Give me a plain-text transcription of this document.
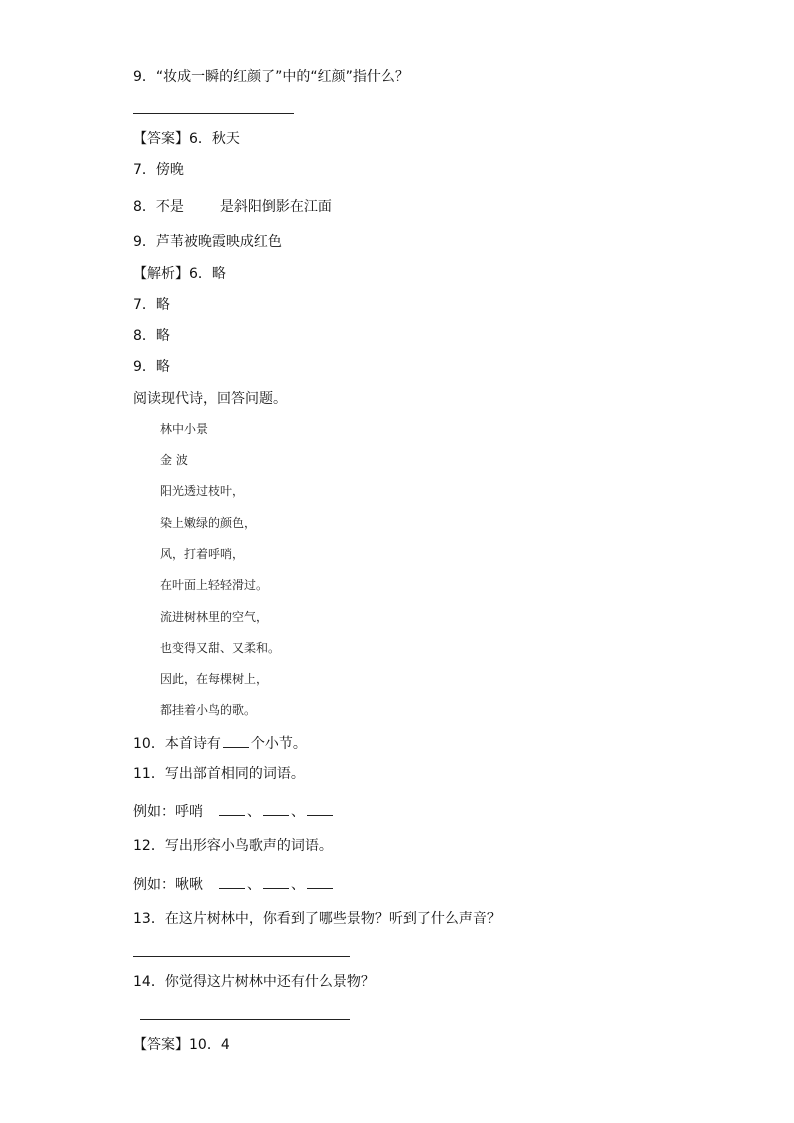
9．“妆成一瞬的红颜了”中的“红颜”指什么？
【答案】6．秋天
7．傍晚
8．不是	是斜阳倒影在江面
9．芦苇被晚霞映成红色
【解析】6．略
7．略
8．略
9．略
阅读现代诗，回答问题。
林中小景
金 波
阳光透过枝叶，
染上嫩绿的颜色，
风，打着呼哨，
在叶面上轻轻滑过。
流进树林里的空气，
也变得又甜、又柔和。
因此，在每棵树上，
都挂着小鸟的歌。
10．本首诗有 个小节。
11．写出部首相同的词语。
例如：呼哨	、 、
12．写出形容小鸟歌声的词语。
例如：啾啾	、 、
13．在这片树林中，你看到了哪些景物？听到了什么声音？
14．你觉得这片树林中还有什么景物？
【答案】10．4
